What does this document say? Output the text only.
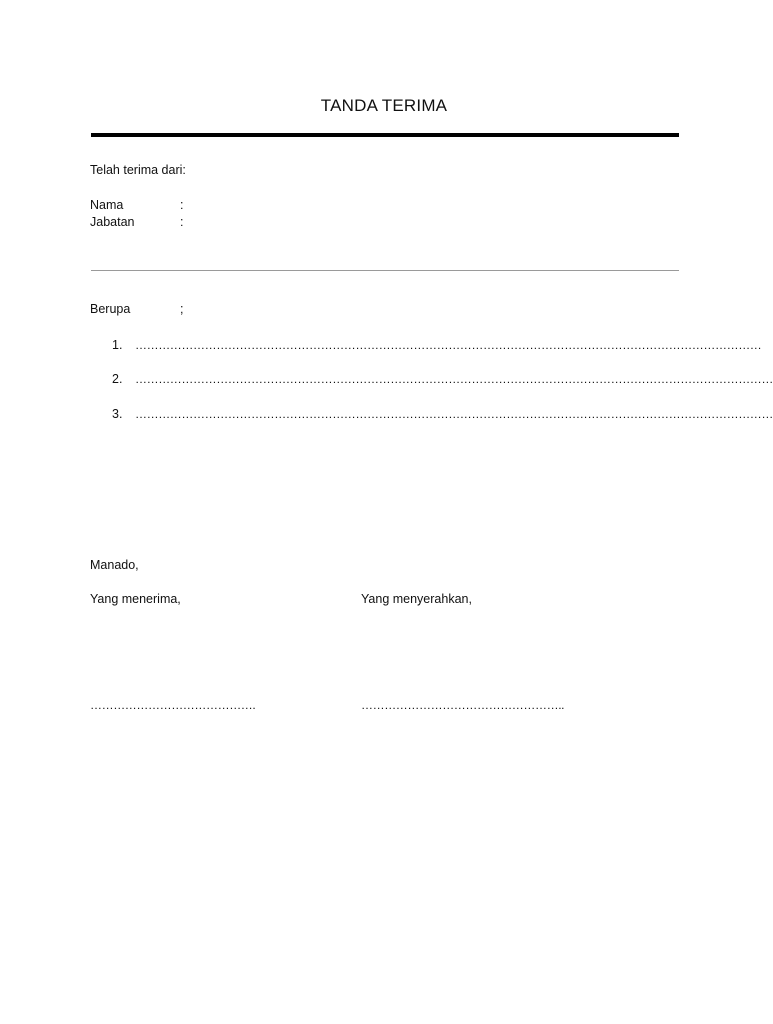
TANDA TERIMA
Telah terima dari:
Nama	:
Jabatan	:
Berupa	;
1. ………………………………………………………………………………………………………………………………………………
2. …………………………………………………………………………………………………………………………………………………
3. …………………………………………………………………………………………………………………………………………………
Manado,
Yang menerima,	Yang menyerahkan,
…………………………………….	……………………………………………..
